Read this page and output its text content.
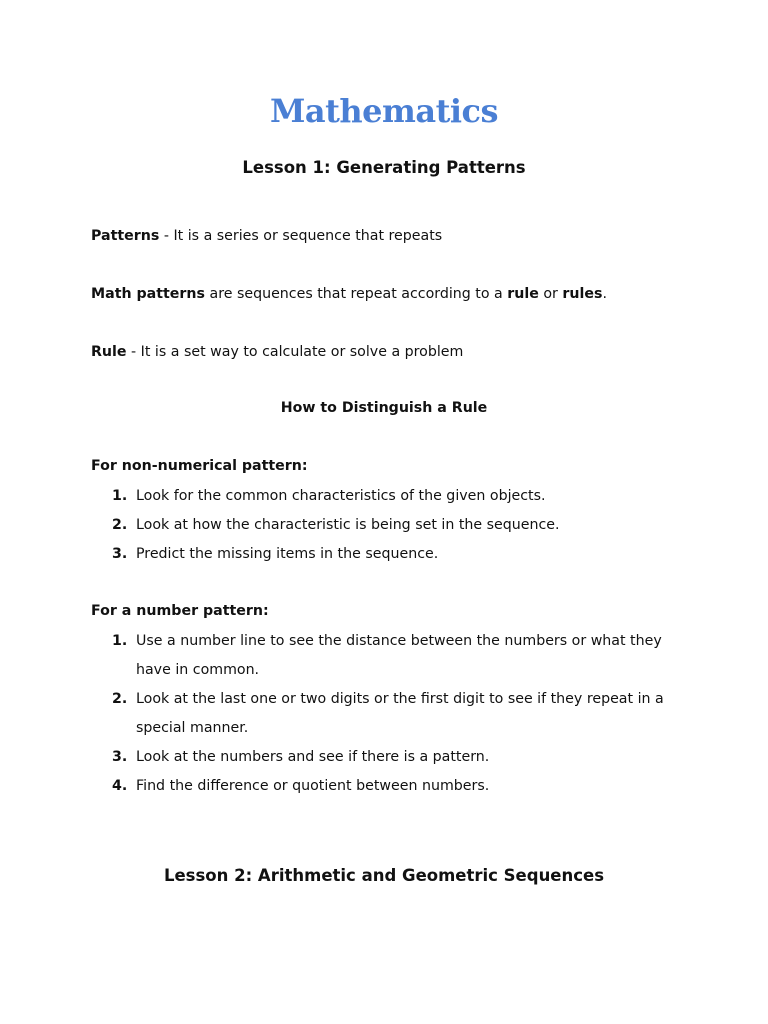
Mathematics
Lesson 1: Generating Patterns
Patterns - It is a series or sequence that repeats
Math patterns are sequences that repeat according to a rule or rules.
Rule - It is a set way to calculate or solve a problem
How to Distinguish a Rule
For non-numerical pattern:
1. Look for the common characteristics of the given objects.
2. Look at how the characteristic is being set in the sequence.
3. Predict the missing items in the sequence.
For a number pattern:
1. Use a number line to see the distance between the numbers or what they have in common.
2. Look at the last one or two digits or the first digit to see if they repeat in a special manner.
3. Look at the numbers and see if there is a pattern.
4. Find the difference or quotient between numbers.
Lesson 2: Arithmetic and Geometric Sequences
